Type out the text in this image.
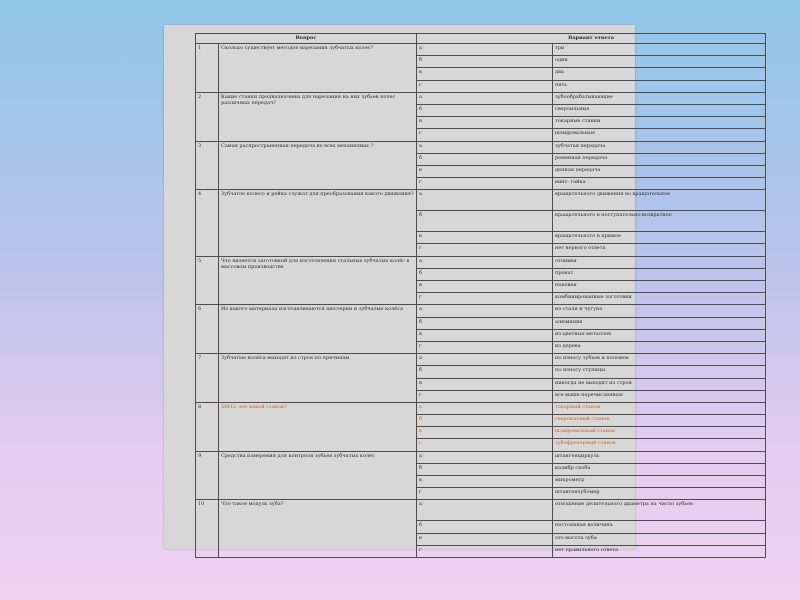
Вопрос		Вариант ответа	
1	Сколько существует методов нарезания зубчатых колес?	а	три
		б	один
		в	два
		г	пять
2	Какие станки предназначены для нарезания на них зубьев колес различных передач?	а	зубообрабатывающие
		б	сверлильные
		в	токарные станки
		г	шлифовальные
3	Самая распространенная передача во всех механизмах ?	а	зубчатая передача
		б	ременная передача
		в	цепная передача
		г	винт- гайка
4	Зубчатое колесо и рейка служат для преобразования какого движения?	а	вращательного движения во вращательное
		б	вращательного в поступательно-возвратное
		в	вращательного в прямое
		г	нет верного ответа
5	Что является заготовкой для изготовления стальных зубчатых колёс в массовом производстве	а	отливки
		б	прокат
		в	поковки
		г	комбинированные заготовки
6	Из какого материала изготавливаются шестерни и зубчатые колёса	а	из стали и чугуна
		б	алюминия
		в	из цветных металлов
		г	из дерева
7	Зубчатые колёса выходят из строя по причинам	а	по износу зубьев и поломок
		б	по износу ступицы
		в	никогда не выходят из строя
		г	все выше перечисленные
8	5М32- это какой станок?	а	токарный станок
		б	сверлильный станок
		в	шлифовальный станок
		г	зубофрезерный станок
9	Средства измерения для контроля зубьев зубчатых колёс	а	штангенциркуль
		б	калибр скоба
		в	микрометр
		г	штангензубомер
10	Что такое модуль зуба?	а	отношение делительного диаметра на число зубьев
		б	постоянная величина
		в	это высота зуба
		г	нет правильного ответа
